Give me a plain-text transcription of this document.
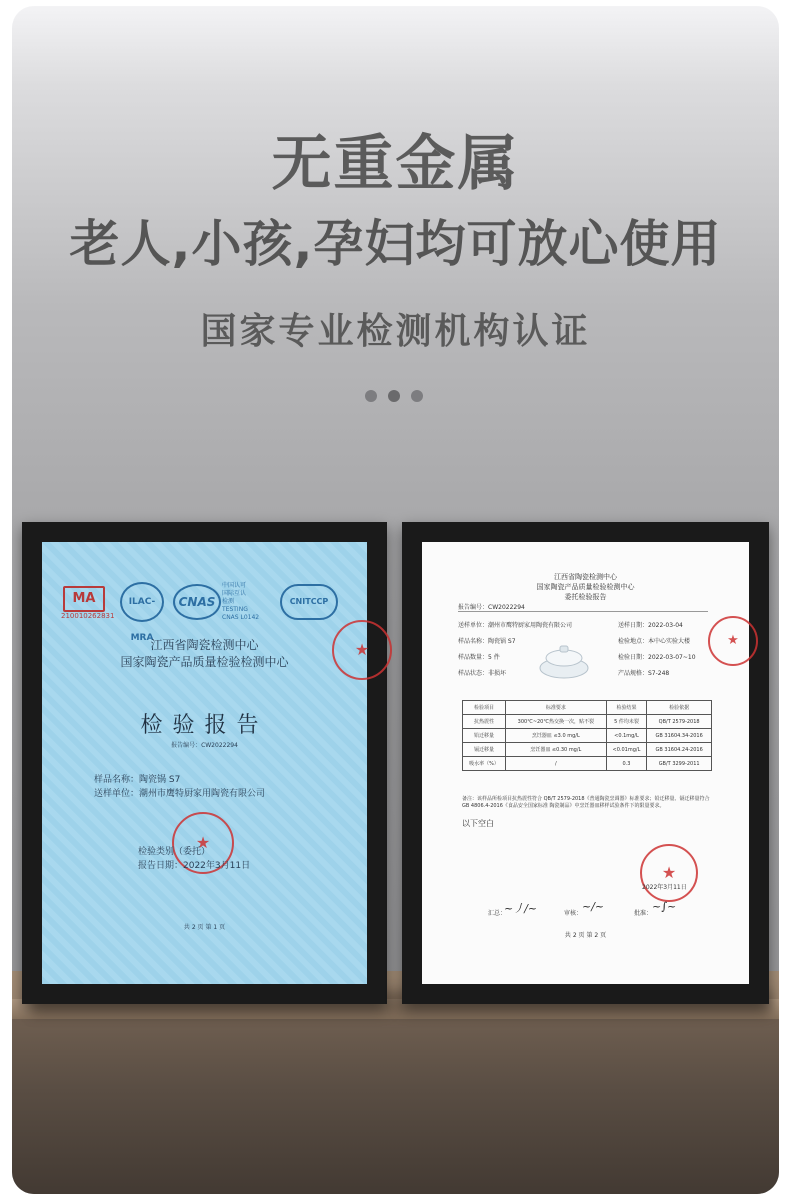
无重金属
老人,小孩,孕妇均可放心使用
国家专业检测机构认证
MA
210010262831
ILAC-MRA
CNAS
中国认可
国际互认
检测
TESTING
CNAS L0142
CNITCCP
★
江西省陶瓷检测中心
国家陶瓷产品质量检验检测中心
检验报告
报告编号：CW2022294
样品名称：陶瓷锅 S7
送样单位：潮州市鹰特厨家用陶瓷有限公司
★
检验类别（委托）
报告日期：2022年3月11日
共 2 页 第 1 页
江西省陶瓷检测中心
国家陶瓷产品质量检验检测中心
委托检验报告
报告编号：CW2022294
送样单位：潮州市鹰特厨家用陶瓷有限公司	送样日期：2022-03-04
样品名称：陶瓷锅 S7	检验地点：本中心实验大楼
样品数量：5 件	检验日期：2022-03-07~10
样品状态：非损坏	产品规格：S7-248
★
检验项目	标准要求	检验结果	检验依据
抗热震性	300℃~20℃热交换一次，贴不裂	5 件均未裂	QB/T 2579-2018
铅迁移量	烹饪器皿 ≤3.0 mg/L	<0.1mg/L	GB 31604.34-2016
镉迁移量	烹饪器皿 ≤0.30 mg/L	<0.01mg/L	GB 31604.24-2016
吸水率（%）	/	0.3	GB/T 3299-2011
备注：该样品所检项目抗热震性符合 QB/T 2579-2018《普通陶瓷烹调器》标准要求；铅迁移量、镉迁移量符合 GB 4806.4-2016《食品安全国家标准 陶瓷制品》中烹饪器皿移样试验条件下的限量要求。
以下空白
★
2022年3月11日
汇总：
~丿/~	审核：
~/~
批准：
~∫~
共 2 页 第 2 页
